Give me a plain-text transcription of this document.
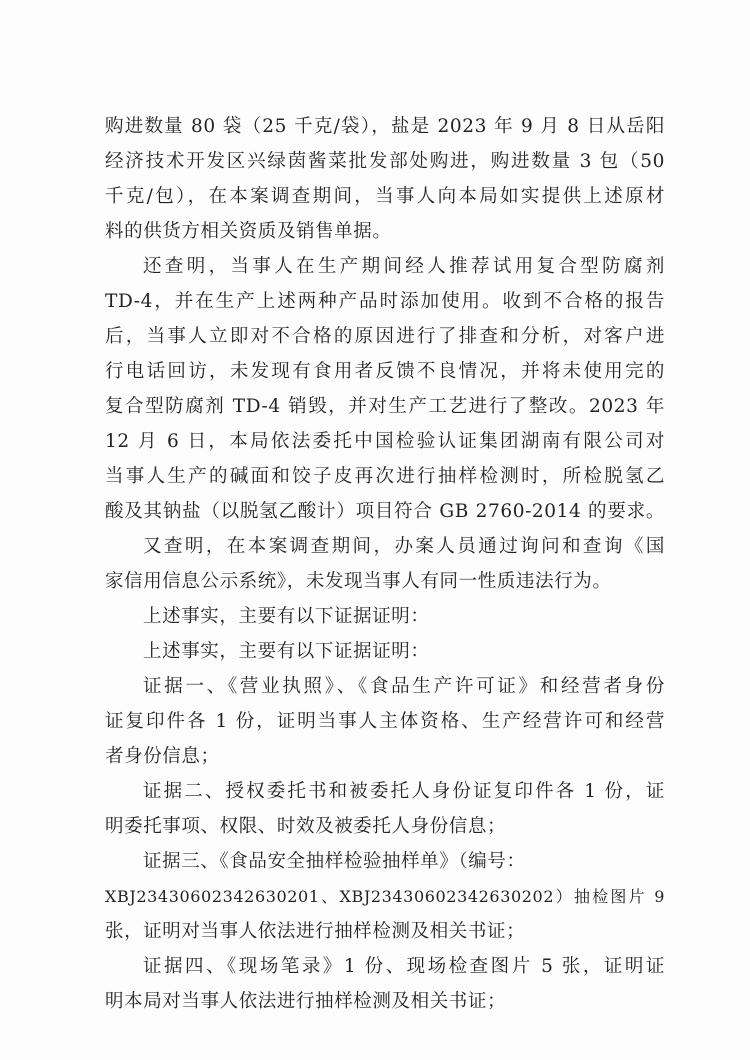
购进数量 80 袋（25 千克/袋），盐是 2023 年 9 月 8 日从岳阳
经济技术开发区兴绿茵酱菜批发部处购进，购进数量 3 包（50
千克/包），在本案调查期间，当事人向本局如实提供上述原材
料的供货方相关资质及销售单据。
还查明，当事人在生产期间经人推荐试用复合型防腐剂
TD-4，并在生产上述两种产品时添加使用。收到不合格的报告
后，当事人立即对不合格的原因进行了排查和分析，对客户进
行电话回访，未发现有食用者反馈不良情况，并将未使用完的
复合型防腐剂 TD-4 销毁，并对生产工艺进行了整改。2023 年
12 月 6 日，本局依法委托中国检验认证集团湖南有限公司对
当事人生产的碱面和饺子皮再次进行抽样检测时，所检脱氢乙
酸及其钠盐（以脱氢乙酸计）项目符合 GB 2760-2014 的要求。
又查明，在本案调查期间，办案人员通过询问和查询《国
家信用信息公示系统》，未发现当事人有同一性质违法行为。
上述事实，主要有以下证据证明：
上述事实，主要有以下证据证明：
证据一、《营业执照》、《食品生产许可证》和经营者身份
证复印件各 1 份，证明当事人主体资格、生产经营许可和经营
者身份信息；
证据二、授权委托书和被委托人身份证复印件各 1 份，证
明委托事项、权限、时效及被委托人身份信息；
证据三、《食品安全抽样检验抽样单》（编号：
XBJ23430602342630201、XBJ23430602342630202）抽检图片 9
张，证明对当事人依法进行抽样检测及相关书证；
证据四、《现场笔录》1 份、现场检查图片 5 张，证明证
明本局对当事人依法进行抽样检测及相关书证；
